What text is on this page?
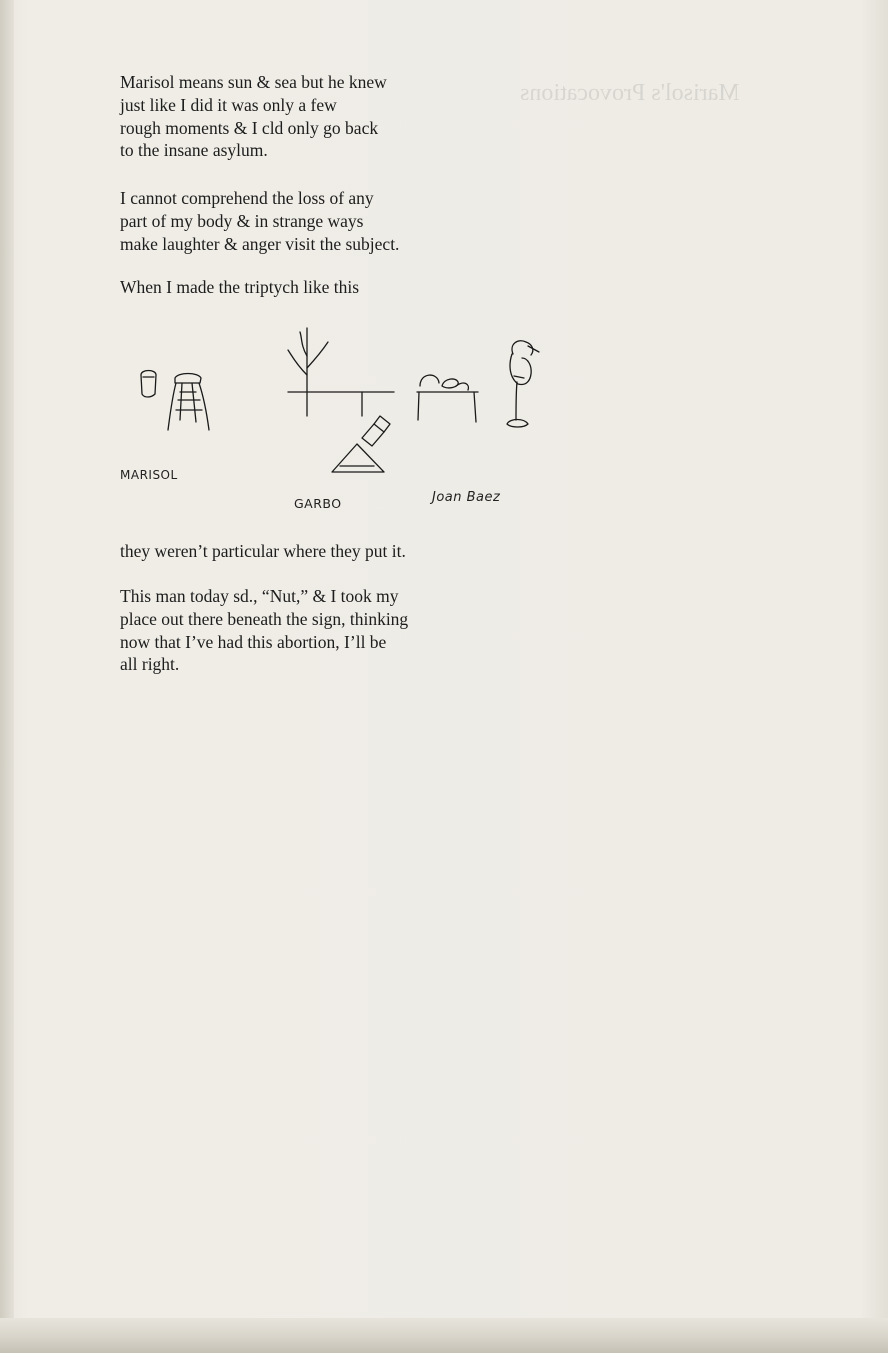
Marisol's Provocations

Marisol means sun & sea but he knew
just like I did it was only a few
rough moments & I cld only go back
to the insane asylum.

I cannot comprehend the loss of any
part of my body & in strange ways
make laughter & anger visit the subject.

When I made the triptych like this

they weren’t particular where they put it.

This man today sd., “Nut,” & I took my
place out there beneath the sign, thinking
now that I’ve had this abortion, I’ll be
all right.

MARISOL
GARBO	Joan Baez
